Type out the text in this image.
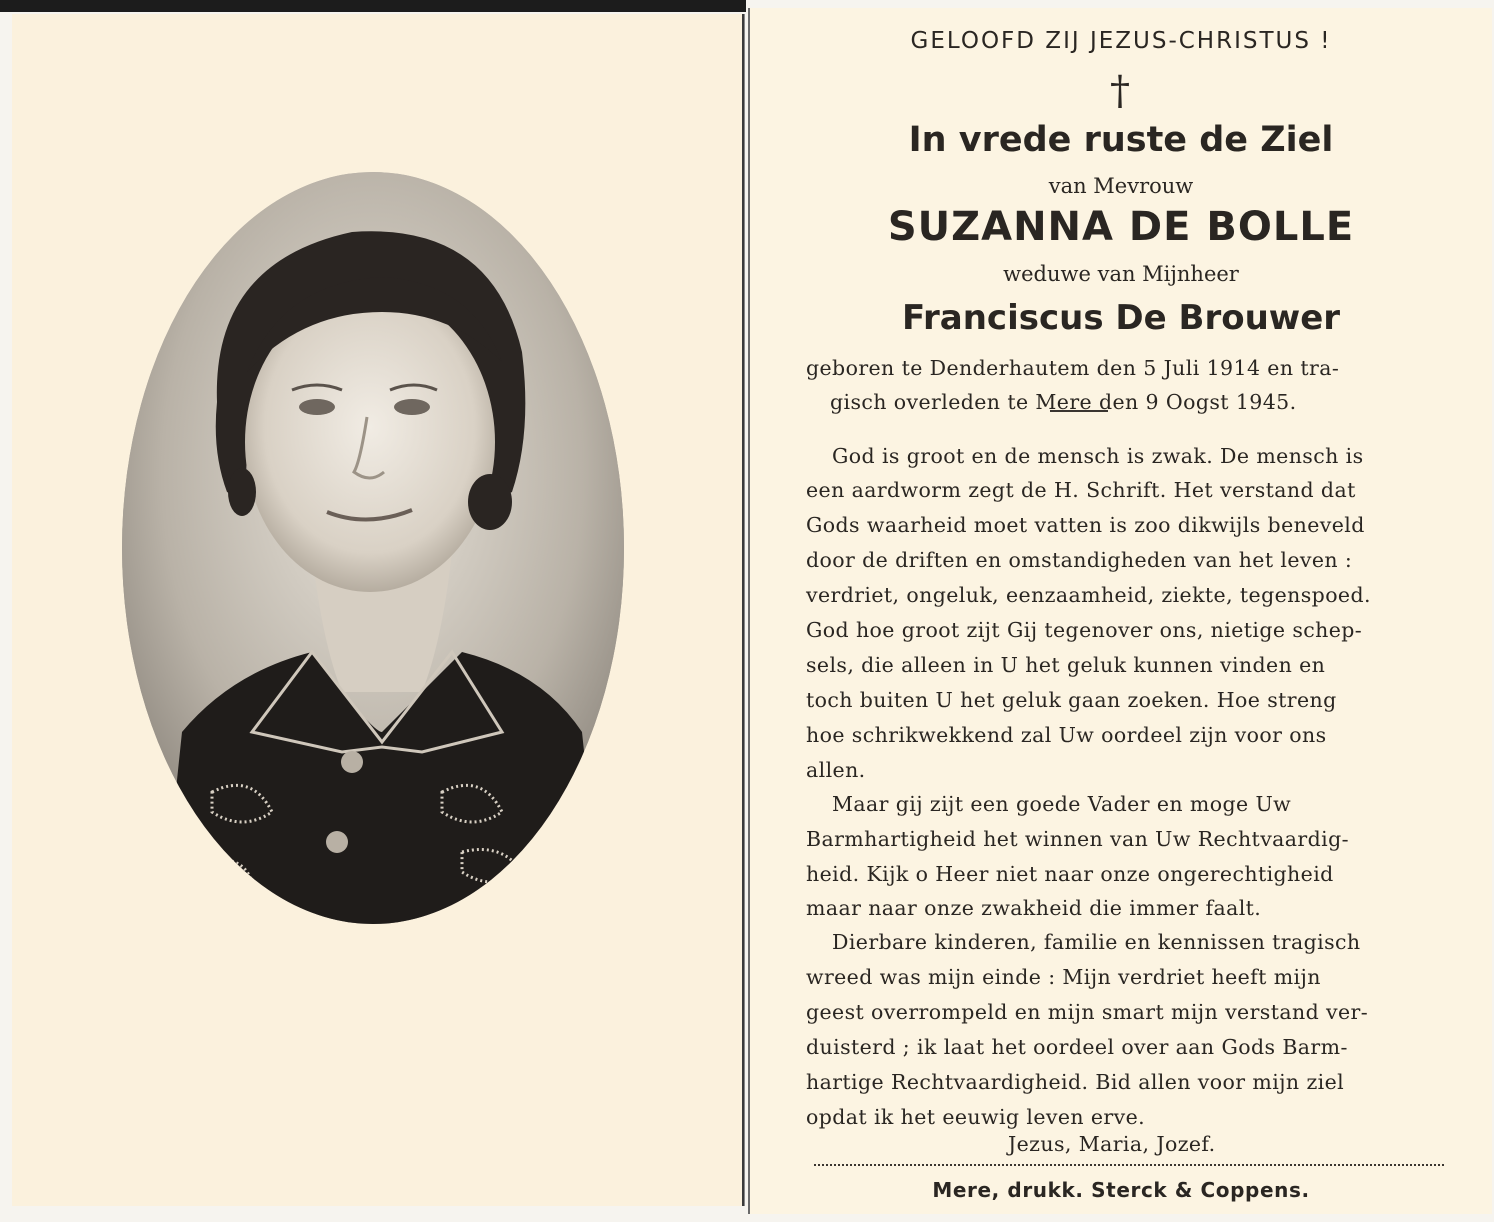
GELOOFD ZIJ JEZUS-CHRISTUS !

†

In vrede ruste de Ziel

van Mevrouw

SUZANNA DE BOLLE

weduwe van Mijnheer

Franciscus De Brouwer

geboren te Denderhautem den 5 Juli 1914 en tra-

gisch overleden te Mere den 9 Oogst 1945.

God is groot en de mensch is zwak. De mensch is

een aardworm zegt de H. Schrift. Het verstand dat

Gods waarheid moet vatten is zoo dikwijls beneveld

door de driften en omstandigheden van het leven :

verdriet, ongeluk, eenzaamheid, ziekte, tegenspoed.

God hoe groot zijt Gij tegenover ons, nietige schep-

sels, die alleen in U het geluk kunnen vinden en

toch buiten U het geluk gaan zoeken. Hoe streng

hoe schrikwekkend zal Uw oordeel zijn voor ons

allen.

Maar gij zijt een goede Vader en moge Uw

Barmhartigheid het winnen van Uw Rechtvaardig-

heid. Kijk o Heer niet naar onze ongerechtigheid

maar naar onze zwakheid die immer faalt.

Dierbare kinderen, familie en kennissen tragisch

wreed was mijn einde : Mijn verdriet heeft mijn

geest overrompeld en mijn smart mijn verstand ver-

duisterd ; ik laat het oordeel over aan Gods Barm-

hartige Rechtvaardigheid. Bid allen voor mijn ziel

opdat ik het eeuwig leven erve.

Jezus, Maria, Jozef.

Mere, drukk. Sterck & Coppens.
